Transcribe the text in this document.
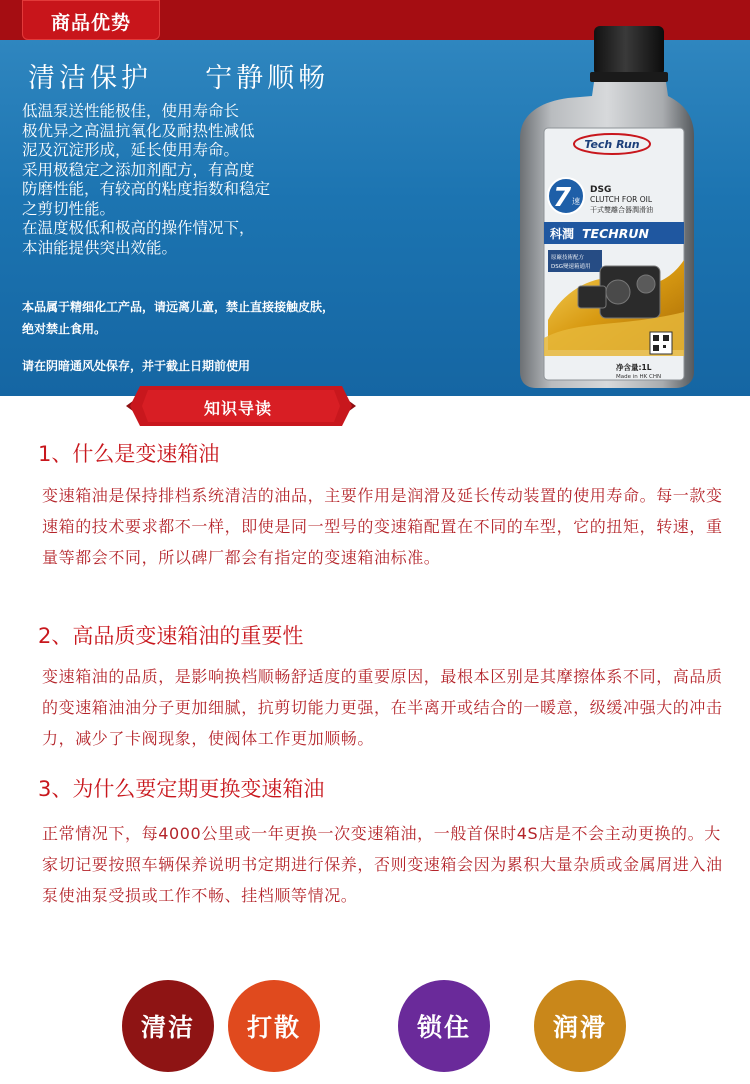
商品优势
清洁保护  宁静顺畅
低温泵送性能极佳，使用寿命长
极优异之高温抗氧化及耐热性减低
泥及沉淀形成，延长使用寿命。
采用极稳定之添加剂配方，有高度
防磨性能，有较高的粘度指数和稳定
之剪切性能。
在温度极低和极高的操作情况下，
本油能提供突出效能。
本品属于精细化工产品，请远离儿童，禁止直接接触皮肤，绝对禁止食用。
请在阴暗通风处保存，并于截止日期前使用
Tech Run
7 速
DSG
CLUTCH FOR OIL
干式雙離合器潤滑油
科潤 TECHRUN
原廠技術配方
DSG變速箱通用
净含量:1L
Made in HK CHN
知识导读
1、什么是变速箱油
变速箱油是保持排档系统清洁的油品，主要作用是润滑及延长传动装置的使用寿命。每一款变速箱的技术要求都不一样，即使是同一型号的变速箱配置在不同的车型，它的扭矩，转速，重量等都会不同，所以碑厂都会有指定的变速箱油标准。
2、高品质变速箱油的重要性
变速箱油的品质，是影响换档顺畅舒适度的重要原因，最根本区别是其摩擦体系不同，高品质的变速箱油油分子更加细腻，抗剪切能力更强，在半离开或结合的一暖意，级缓冲强大的冲击力，减少了卡阀现象，使阀体工作更加顺畅。
3、为什么要定期更换变速箱油
正常情况下，每4000公里或一年更换一次变速箱油，一般首保时4S店是不会主动更换的。大家切记要按照车辆保养说明书定期进行保养，否则变速箱会因为累积大量杂质或金属屑进入油泵使油泵受损或工作不畅、挂档顺等情况。
清洁	打散	锁住	润滑
